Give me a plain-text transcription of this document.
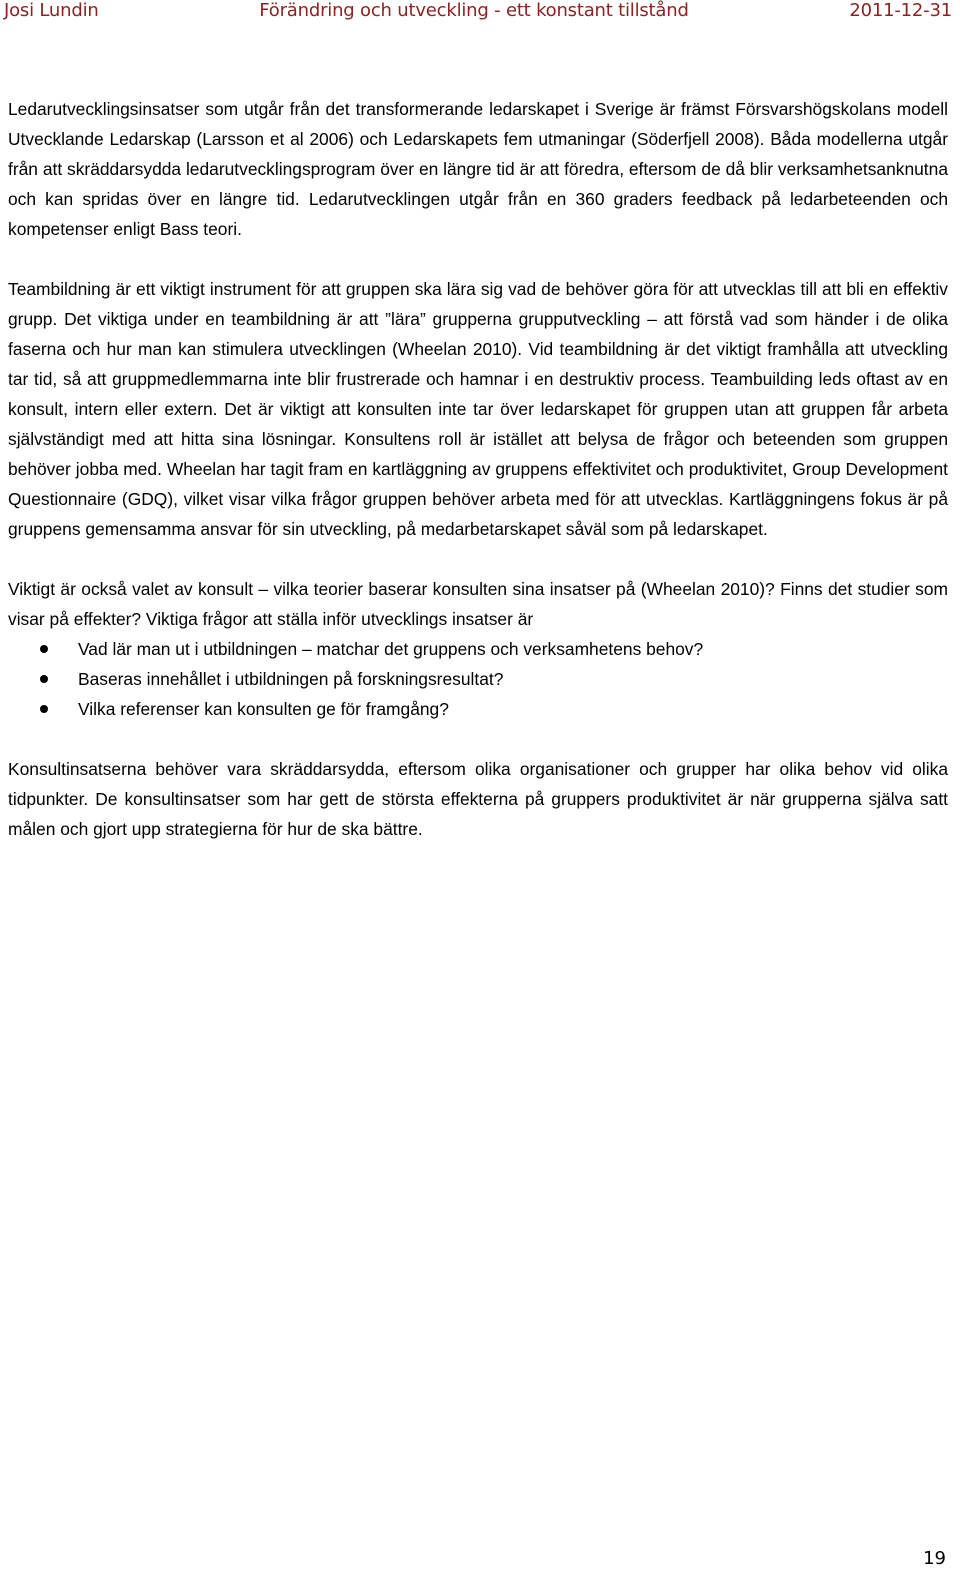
Josi Lundin	Förändring och utveckling - ett konstant tillstånd	2011-12-31

Ledarutvecklingsinsatser som utgår från det transformerande ledarskapet i Sverige är främst Försvarshögskolans modell Utvecklande Ledarskap (Larsson et al 2006) och Ledarskapets fem utmaningar (Söderfjell 2008). Båda modellerna utgår från att skräddarsydda ledarutvecklingsprogram över en längre tid är att föredra, eftersom de då blir verksamhetsanknutna och kan spridas över en längre tid. Ledarutvecklingen utgår från en 360 graders feedback på ledarbeteenden och kompetenser enligt Bass teori.

Teambildning är ett viktigt instrument för att gruppen ska lära sig vad de behöver göra för att utvecklas till att bli en effektiv grupp. Det viktiga under en teambildning är att ”lära” grupperna grupputveckling – att förstå vad som händer i de olika faserna och hur man kan stimulera utvecklingen (Wheelan 2010). Vid teambildning är det viktigt framhålla att utveckling tar tid, så att gruppmedlemmarna inte blir frustrerade och hamnar i en destruktiv process. Teambuilding leds oftast av en konsult, intern eller extern. Det är viktigt att konsulten inte tar över ledarskapet för gruppen utan att gruppen får arbeta självständigt med att hitta sina lösningar. Konsultens roll är istället att belysa de frågor och beteenden som gruppen behöver jobba med. Wheelan har tagit fram en kartläggning av gruppens effektivitet och produktivitet, Group Development Questionnaire (GDQ), vilket visar vilka frågor gruppen behöver arbeta med för att utvecklas. Kartläggningens fokus är på gruppens gemensamma ansvar för sin utveckling, på medarbetarskapet såväl som på ledarskapet.

Viktigt är också valet av konsult – vilka teorier baserar konsulten sina insatser på (Wheelan 2010)? Finns det studier som visar på effekter? Viktiga frågor att ställa inför utvecklings insatser är

Vad lär man ut i utbildningen – matchar det gruppens och verksamhetens behov?
Baseras innehållet i utbildningen på forskningsresultat?
Vilka referenser kan konsulten ge för framgång?

Konsultinsatserna behöver vara skräddarsydda, eftersom olika organisationer och grupper har olika behov vid olika tidpunkter. De konsultinsatser som har gett de största effekterna på gruppers produktivitet är när grupperna själva satt målen och gjort upp strategierna för hur de ska bättre.

19
